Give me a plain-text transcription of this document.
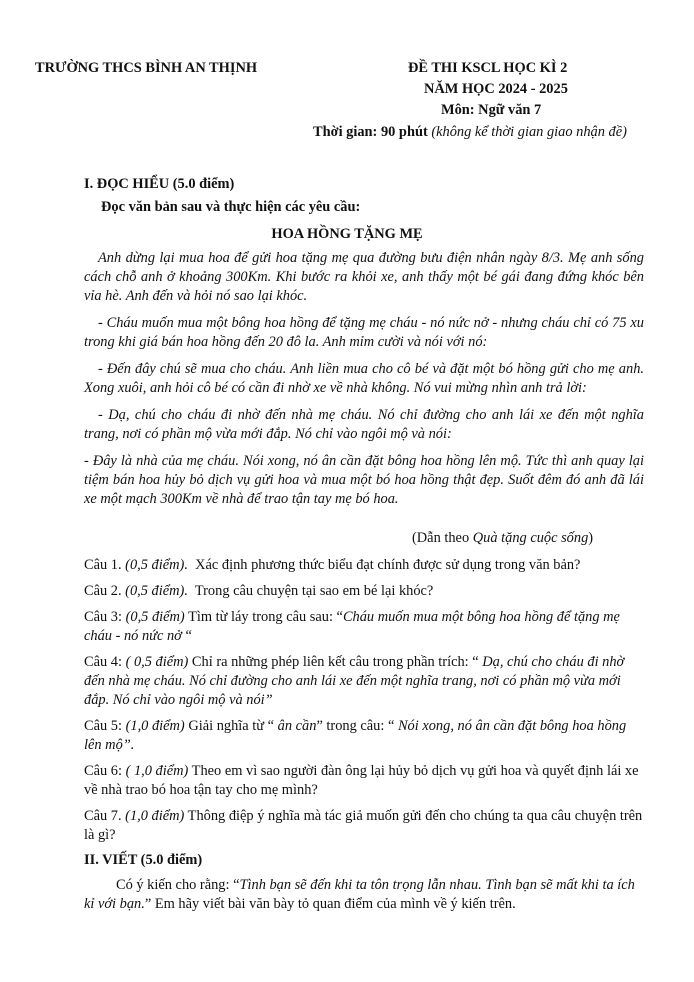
TRƯỜNG THCS BÌNH AN THỊNH	ĐỀ THI KSCL HỌC KÌ 2
NĂM HỌC 2024 - 2025
Môn: Ngữ văn 7
Thời gian: 90 phút (không kể thời gian giao nhận đề)
I. ĐỌC HIỂU (5.0 điểm)
Đọc văn bản sau và thực hiện các yêu cầu:
HOA HỒNG TẶNG MẸ

Anh dừng lại mua hoa để gửi hoa tặng mẹ qua đường bưu điện nhân ngày 8/3. Mẹ anh sống cách chỗ anh ở khoảng 300Km. Khi bước ra khỏi xe, anh thấy một bé gái đang đứng khóc bên vỉa hè. Anh đến và hỏi nó sao lại khóc.

- Cháu muốn mua một bông hoa hồng để tặng mẹ cháu - nó nức nở - nhưng cháu chỉ có 75 xu trong khi giá bán hoa hồng đến 20 đô la. Anh mỉm cười và nói với nó:

- Đến đây chú sẽ mua cho cháu. Anh liền mua cho cô bé và đặt một bó hồng gửi cho mẹ anh. Xong xuôi, anh hỏi cô bé có cần đi nhờ xe về nhà không. Nó vui mừng nhìn anh trả lời:

- Dạ, chú cho cháu đi nhờ đến nhà mẹ cháu. Nó chỉ đường cho anh lái xe đến một nghĩa trang, nơi có phần mộ vừa mới đắp. Nó chỉ vào ngôi mộ và nói:

- Đây là nhà của mẹ cháu. Nói xong, nó ân cần đặt bông hoa hồng lên mộ. Tức thì anh quay lại tiệm bán hoa hủy bỏ dịch vụ gửi hoa và mua một bó hoa hồng thật đẹp. Suốt đêm đó anh đã lái xe một mạch 300Km về nhà để trao tận tay mẹ bó hoa.

(Dẫn theo Quà tặng cuộc sống)

Câu 1. (0,5 điểm).  Xác định phương thức biểu đạt chính được sử dụng trong văn bản?

Câu 2. (0,5 điểm).  Trong câu chuyện tại sao em bé lại khóc?

Câu 3: (0,5 điểm) Tìm từ láy trong câu sau: “Cháu muốn mua một bông hoa hồng để tặng mẹ cháu - nó nức nở “

Câu 4: ( 0,5 điểm) Chỉ ra những phép liên kết câu trong phần trích: “ Dạ, chú cho cháu đi nhờ đến nhà mẹ cháu. Nó chỉ đường cho anh lái xe đến một nghĩa trang, nơi có phần mộ vừa mới đắp. Nó chỉ vào ngôi mộ và nói”

Câu 5: (1,0 điểm) Giải nghĩa từ “ ân cần” trong câu: “ Nói xong, nó ân cần đặt bông hoa hồng lên mộ”.

Câu 6: ( 1,0 điểm) Theo em vì sao người đàn ông lại hủy bỏ dịch vụ gửi hoa và quyết định lái xe về nhà trao bó hoa tận tay cho mẹ mình?

Câu 7. (1,0 điểm) Thông điệp ý nghĩa mà tác giả muốn gửi đến cho chúng ta qua câu chuyện trên là gì?

II. VIẾT (5.0 điểm)

Có ý kiến cho rằng: “Tình bạn sẽ đến khi ta tôn trọng lẫn nhau. Tình bạn sẽ mất khi ta ích kỉ với bạn.” Em hãy viết bài văn bày tỏ quan điểm của mình về ý kiến trên.
